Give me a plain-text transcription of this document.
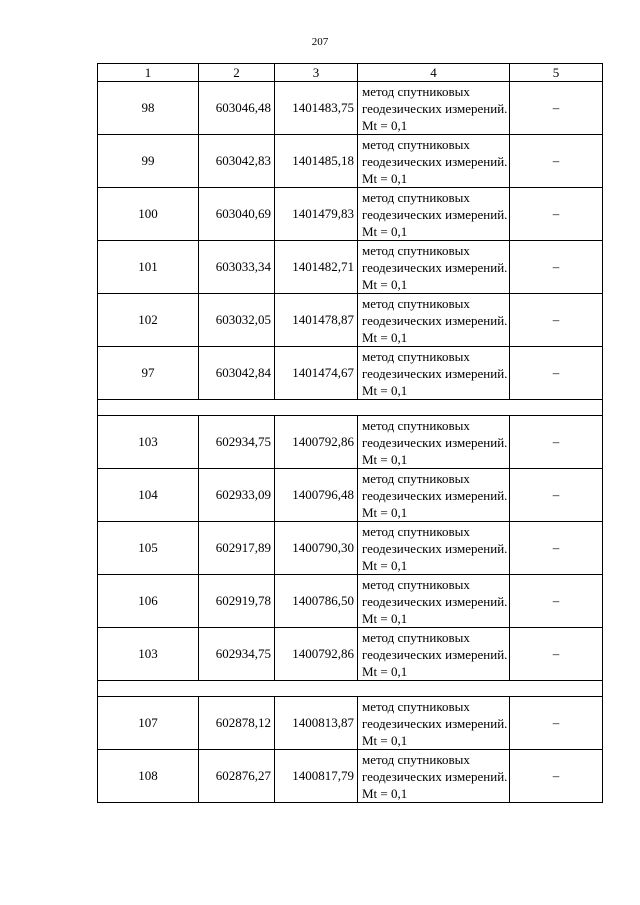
207
1	2	3	4	5
98	603046,48	1401483,75	метод спутниковых геодезических измерений. Mt = 0,1	–
99	603042,83	1401485,18	метод спутниковых геодезических измерений. Mt = 0,1	–
100	603040,69	1401479,83	метод спутниковых геодезических измерений. Mt = 0,1	–
101	603033,34	1401482,71	метод спутниковых геодезических измерений. Mt = 0,1	–
102	603032,05	1401478,87	метод спутниковых геодезических измерений. Mt = 0,1	–
97	603042,84	1401474,67	метод спутниковых геодезических измерений. Mt = 0,1	–

103	602934,75	1400792,86	метод спутниковых геодезических измерений. Mt = 0,1	–
104	602933,09	1400796,48	метод спутниковых геодезических измерений. Mt = 0,1	–
105	602917,89	1400790,30	метод спутниковых геодезических измерений. Mt = 0,1	–
106	602919,78	1400786,50	метод спутниковых геодезических измерений. Mt = 0,1	–
103	602934,75	1400792,86	метод спутниковых геодезических измерений. Mt = 0,1	–

107	602878,12	1400813,87	метод спутниковых геодезических измерений. Mt = 0,1	–
108	602876,27	1400817,79	метод спутниковых геодезических измерений. Mt = 0,1	–
